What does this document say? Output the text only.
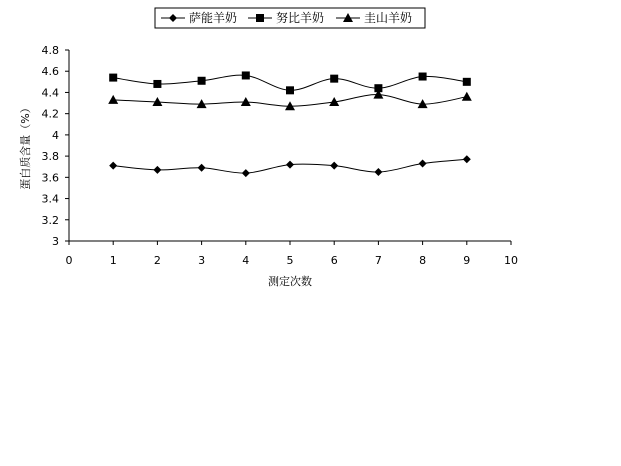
萨能羊奶	努比羊奶	圭山羊奶
0	1	2	3	4	5	6	7	8	9	10
3
3.2
3.4
3.6
3.8
4
4.2
4.4
4.6
4.8
测定次数
蛋白质含量（%）
